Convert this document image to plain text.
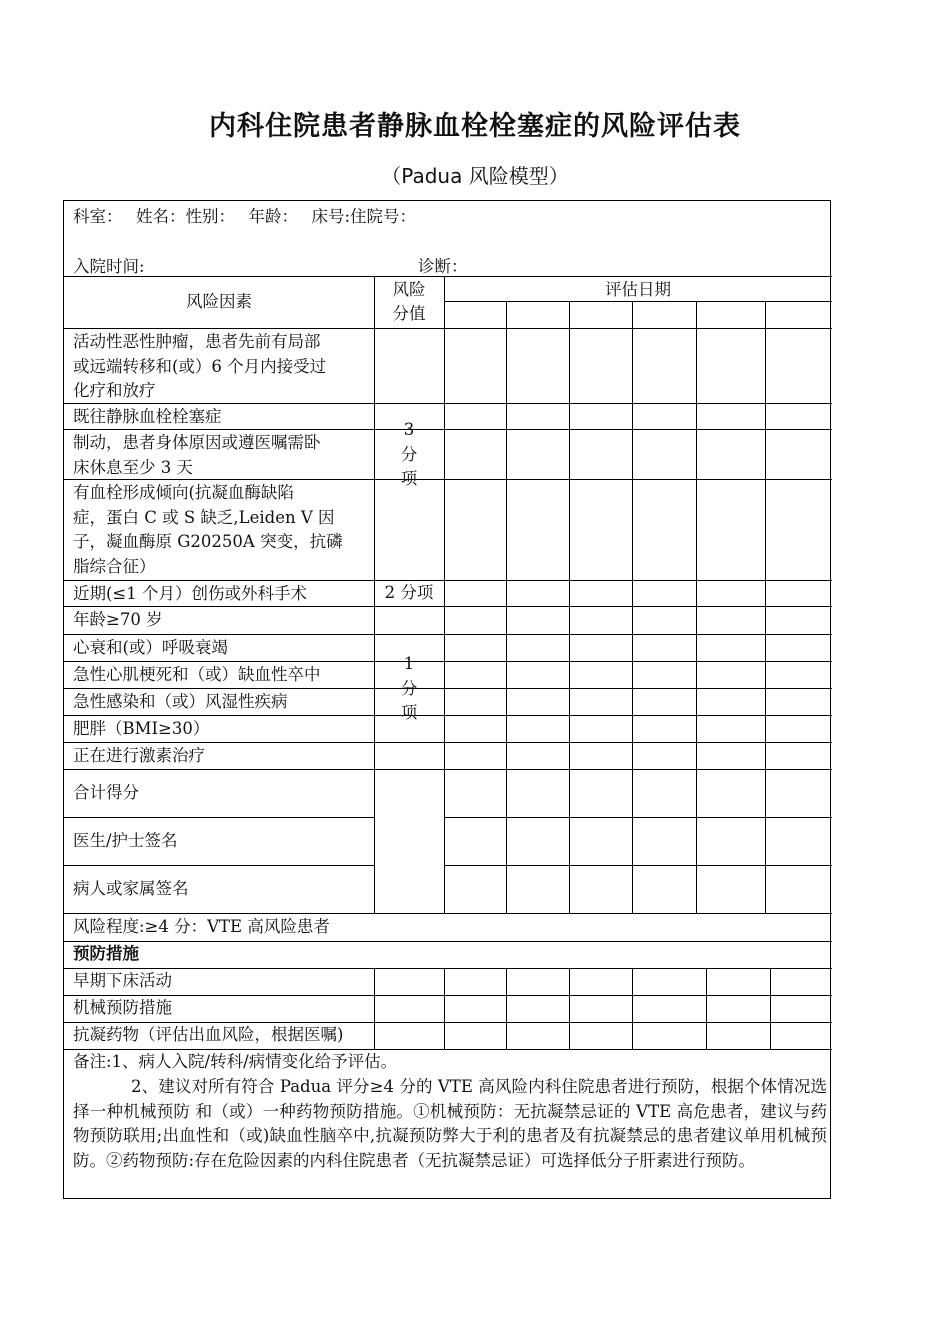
内科住院患者静脉血栓栓塞症的风险评估表
（Padua 风险模型）
科室：　 姓名：性别：　 年龄：　 床号:住院号：
入院时间:	诊断：
风险因素
风险
分值
评估日期
活动性恶性肿瘤，患者先前有局部
或远端转移和(或）6 个月内接受过
化疗和放疗
既往静脉血栓栓塞症
制动，患者身体原因或遵医嘱需卧
床休息至少 3 天
有血栓形成倾向(抗凝血酶缺陷
症，蛋白 C 或 S 缺乏,Leiden V 因
子，凝血酶原 G20250A 突变，抗磷
脂综合征）
近期(≤1 个月）创伤或外科手术
年龄≥70 岁
心衰和(或）呼吸衰竭
急性心肌梗死和（或）缺血性卒中
急性感染和（或）风湿性疾病
肥胖（BMI≥30）
正在进行激素治疗
3
分
项
2 分项
1
分
项
合计得分
医生/护士签名
病人或家属签名
风险程度:≥4 分：VTE 高风险患者
预防措施
早期下床活动
机械预防措施
抗凝药物（评估出血风险，根据医嘱)
备注:1、病人入院/转科/病情变化给予评估。
2、建议对所有符合 Padua 评分≥4 分的 VTE 高风险内科住院患者进行预防，根据个体情况选择一种机械预防 和（或）一种药物预防措施。①机械预防：无抗凝禁忌证的 VTE 高危患者，建议与药物预防联用;出血性和（或)缺血性脑卒中,抗凝预防弊大于利的患者及有抗凝禁忌的患者建议单用机械预防。②药物预防:存在危险因素的内科住院患者（无抗凝禁忌证）可选择低分子肝素进行预防。
